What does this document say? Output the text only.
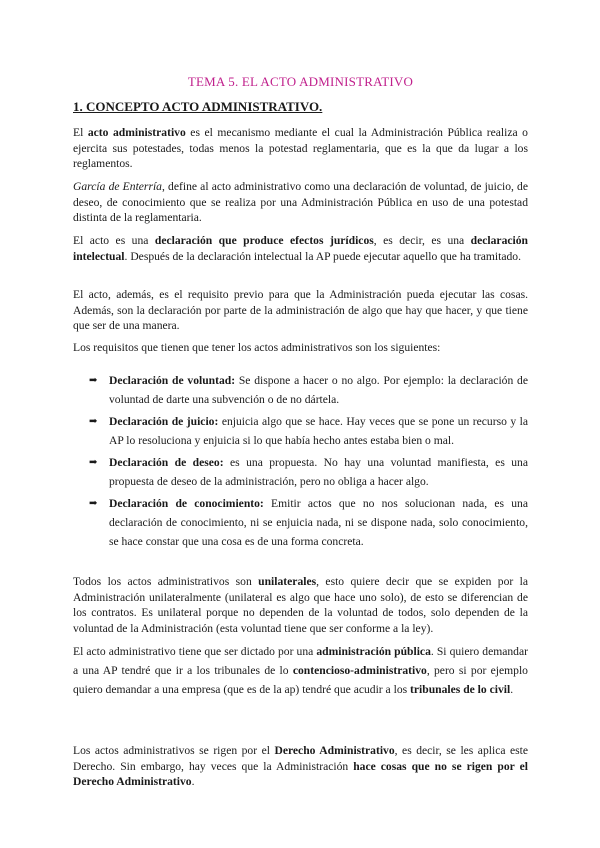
TEMA 5. EL ACTO ADMINISTRATIVO
1. CONCEPTO ACTO ADMINISTRATIVO.

El acto administrativo es el mecanismo mediante el cual la Administración Pública realiza o ejercita sus potestades, todas menos la potestad reglamentaria, que es la que da lugar a los reglamentos.

García de Enterría, define al acto administrativo como una declaración de voluntad, de juicio, de deseo, de conocimiento que se realiza por una Administración Pública en uso de una potestad distinta de la reglamentaria.

El acto es una declaración que produce efectos jurídicos, es decir, es una declaración intelectual. Después de la declaración intelectual la AP puede ejecutar aquello que ha tramitado.

El acto, además, es el requisito previo para que la Administración pueda ejecutar las cosas. Además, son la declaración por parte de la administración de algo que hay que hacer, y que tiene que ser de una manera.

Los requisitos que tienen que tener los actos administrativos son los siguientes:

➡	Declaración de voluntad: Se dispone a hacer o no algo. Por ejemplo: la declaración de voluntad de darte una subvención o de no dártela.
➡	Declaración de juicio: enjuicia algo que se hace. Hay veces que se pone un recurso y la AP lo resoluciona y enjuicia si lo que había hecho antes estaba bien o mal.
➡	Declaración de deseo: es una propuesta. No hay una voluntad manifiesta, es una propuesta de deseo de la administración, pero no obliga a hacer algo.
➡	Declaración de conocimiento: Emitir actos que no nos solucionan nada, es una declaración de conocimiento, ni se enjuicia nada, ni se dispone nada, solo conocimiento, se hace constar que una cosa es de una forma concreta.

Todos los actos administrativos son unilaterales, esto quiere decir que se expiden por la Administración unilateralmente (unilateral es algo que hace uno solo), de esto se diferencian de los contratos. Es unilateral porque no dependen de la voluntad de todos, solo dependen de la voluntad de la Administración (esta voluntad tiene que ser conforme a la ley).

El acto administrativo tiene que ser dictado por una administración pública. Si quiero demandar a una AP tendré que ir a los tribunales de lo contencioso-administrativo, pero si por ejemplo quiero demandar a una empresa (que es de la ap) tendré que acudir a los tribunales de lo civil.

Los actos administrativos se rigen por el Derecho Administrativo, es decir, se les aplica este Derecho. Sin embargo, hay veces que la Administración hace cosas que no se rigen por el Derecho Administrativo.
